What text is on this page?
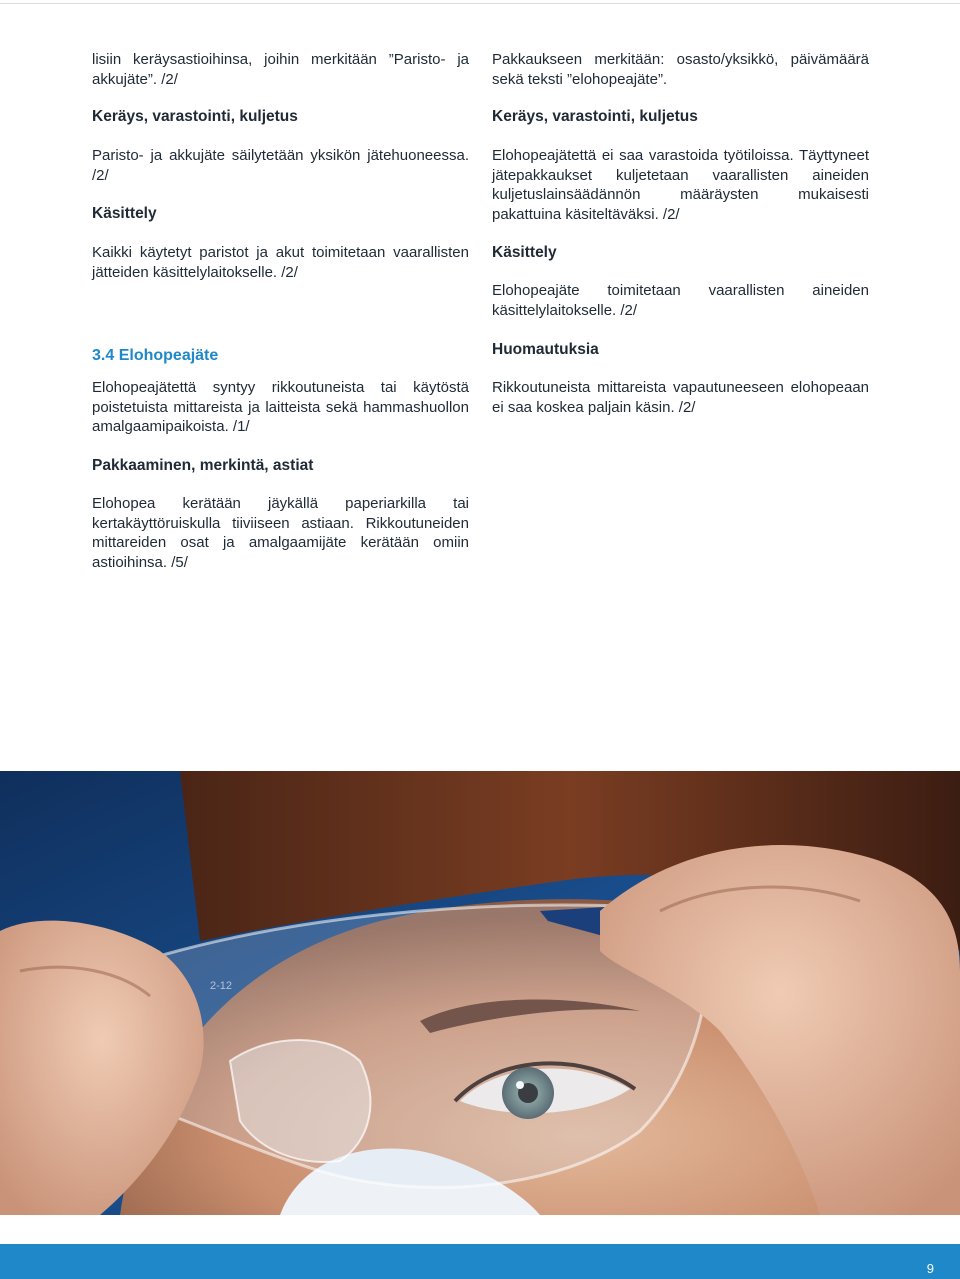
lisiin keräysastioihinsa, joihin merkitään ”Paristo- ja akkujäte”. /2/

Keräys, varastointi, kuljetus

Paristo- ja akkujäte säilytetään yksikön jätehuoneessa. /2/

Käsittely

Kaikki käytetyt paristot ja akut toimitetaan vaarallisten jätteiden käsittelylaitokselle. /2/

3.4 Elohopeajäte

Elohopeajätettä syntyy rikkoutuneista tai käytöstä poistetuista mittareista ja laitteista sekä hammashuollon amalgaamipaikoista. /1/

Pakkaaminen, merkintä, astiat

Elohopea kerätään jäykällä paperiarkilla tai kertakäyttöruiskulla tiiviiseen astiaan. Rikkoutuneiden mittareiden osat ja amalgaamijäte kerätään omiin astioihinsa. /5/

Pakkaukseen merkitään: osasto/yksikkö, päivämäärä sekä teksti ”elohopeajäte”.

Keräys, varastointi, kuljetus

Elohopeajätettä ei saa varastoida työtiloissa. Täyttyneet jätepakkaukset kuljetetaan vaarallisten aineiden kuljetuslainsäädännön määräysten mukaisesti pakattuina käsiteltäväksi. /2/

Käsittely

Elohopeajäte toimitetaan vaarallisten aineiden käsittelylaitokselle. /2/

Huomautuksia

Rikkoutuneista mittareista vapautuneeseen elohopeaan ei saa koskea paljain käsin. /2/

2-12
9
